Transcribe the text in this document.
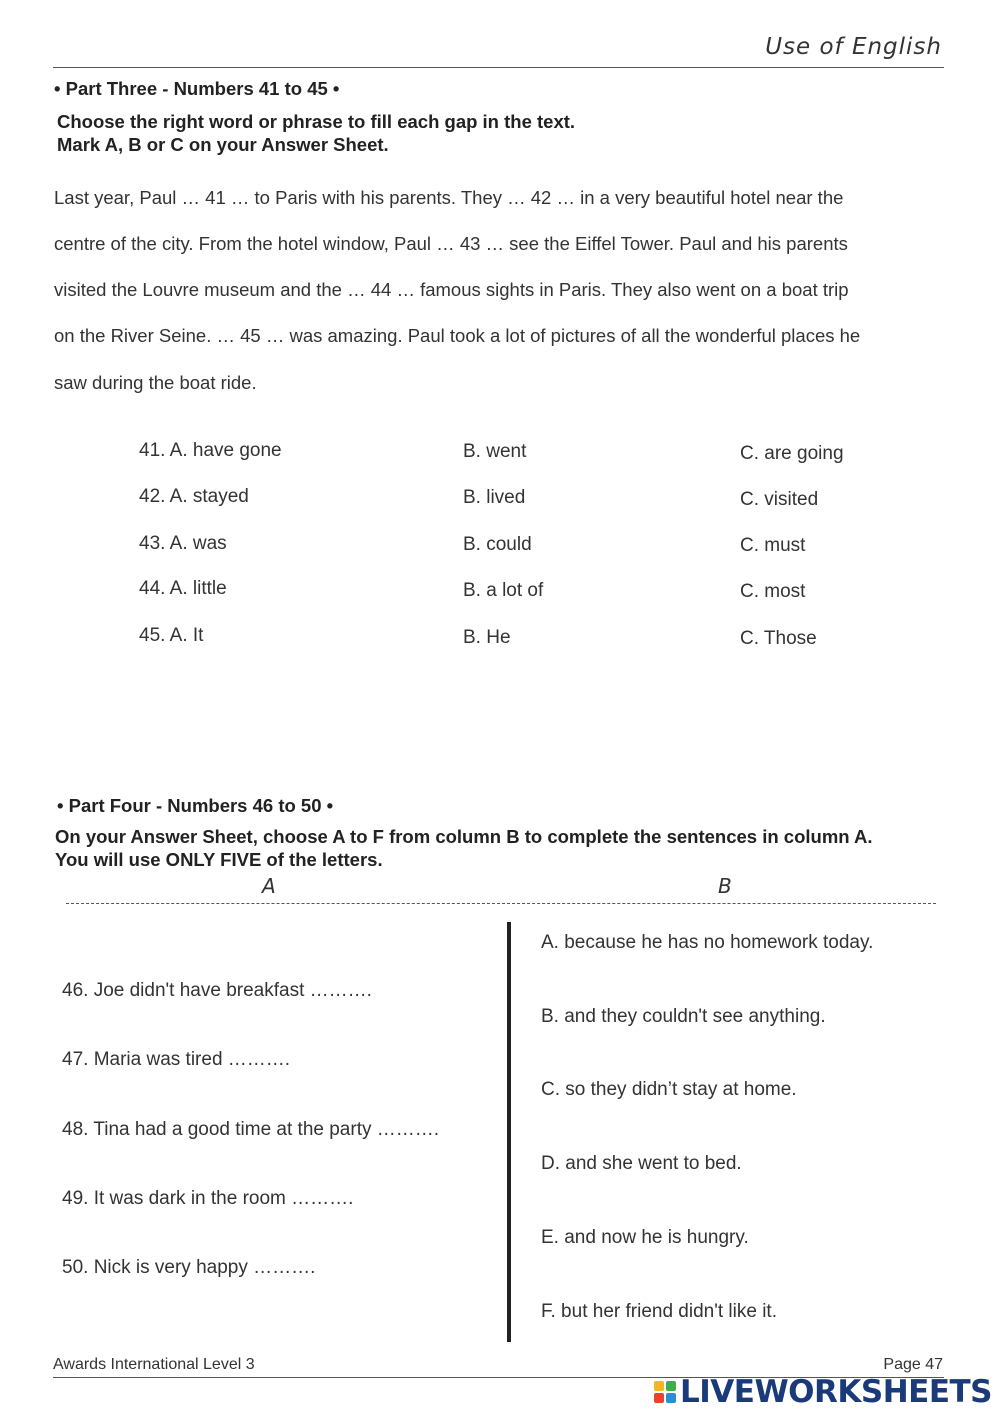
Use of English
• Part Three - Numbers 41 to 45 •
Choose the right word or phrase to fill each gap in the text.
Mark A, B or C on your Answer Sheet.
Last year, Paul … 41 … to Paris with his parents. They … 42 … in a very beautiful hotel near the
centre of the city. From the hotel window, Paul … 43 … see the Eiffel Tower. Paul and his parents
visited the Louvre museum and the … 44 … famous sights in Paris. They also went on a boat trip
on the River Seine. … 45 … was amazing. Paul took a lot of pictures of all the wonderful places he
saw during the boat ride.
41. A. have gone	B. went	C. are going
42. A. stayed	B. lived	C. visited
43. A. was	B. could	C. must
44. A. little	B. a lot of	C. most
45. A. It	B. He	C. Those
• Part Four - Numbers 46 to 50 •
On your Answer Sheet, choose A to F from column B to complete the sentences in column A.
You will use ONLY FIVE of the letters.
A	B
46. Joe didn't have breakfast ……….
47. Maria was tired ……….
48. Tina had a good time at the party ……….
49. It was dark in the room ……….
50. Nick is very happy ……….
A. because he has no homework today.
B. and they couldn't see anything.
C. so they didn’t stay at home.
D. and she went to bed.
E. and now he is hungry.
F. but her friend didn't like it.
Awards International Level 3	Page 47
LIVEWORKSHEETS
